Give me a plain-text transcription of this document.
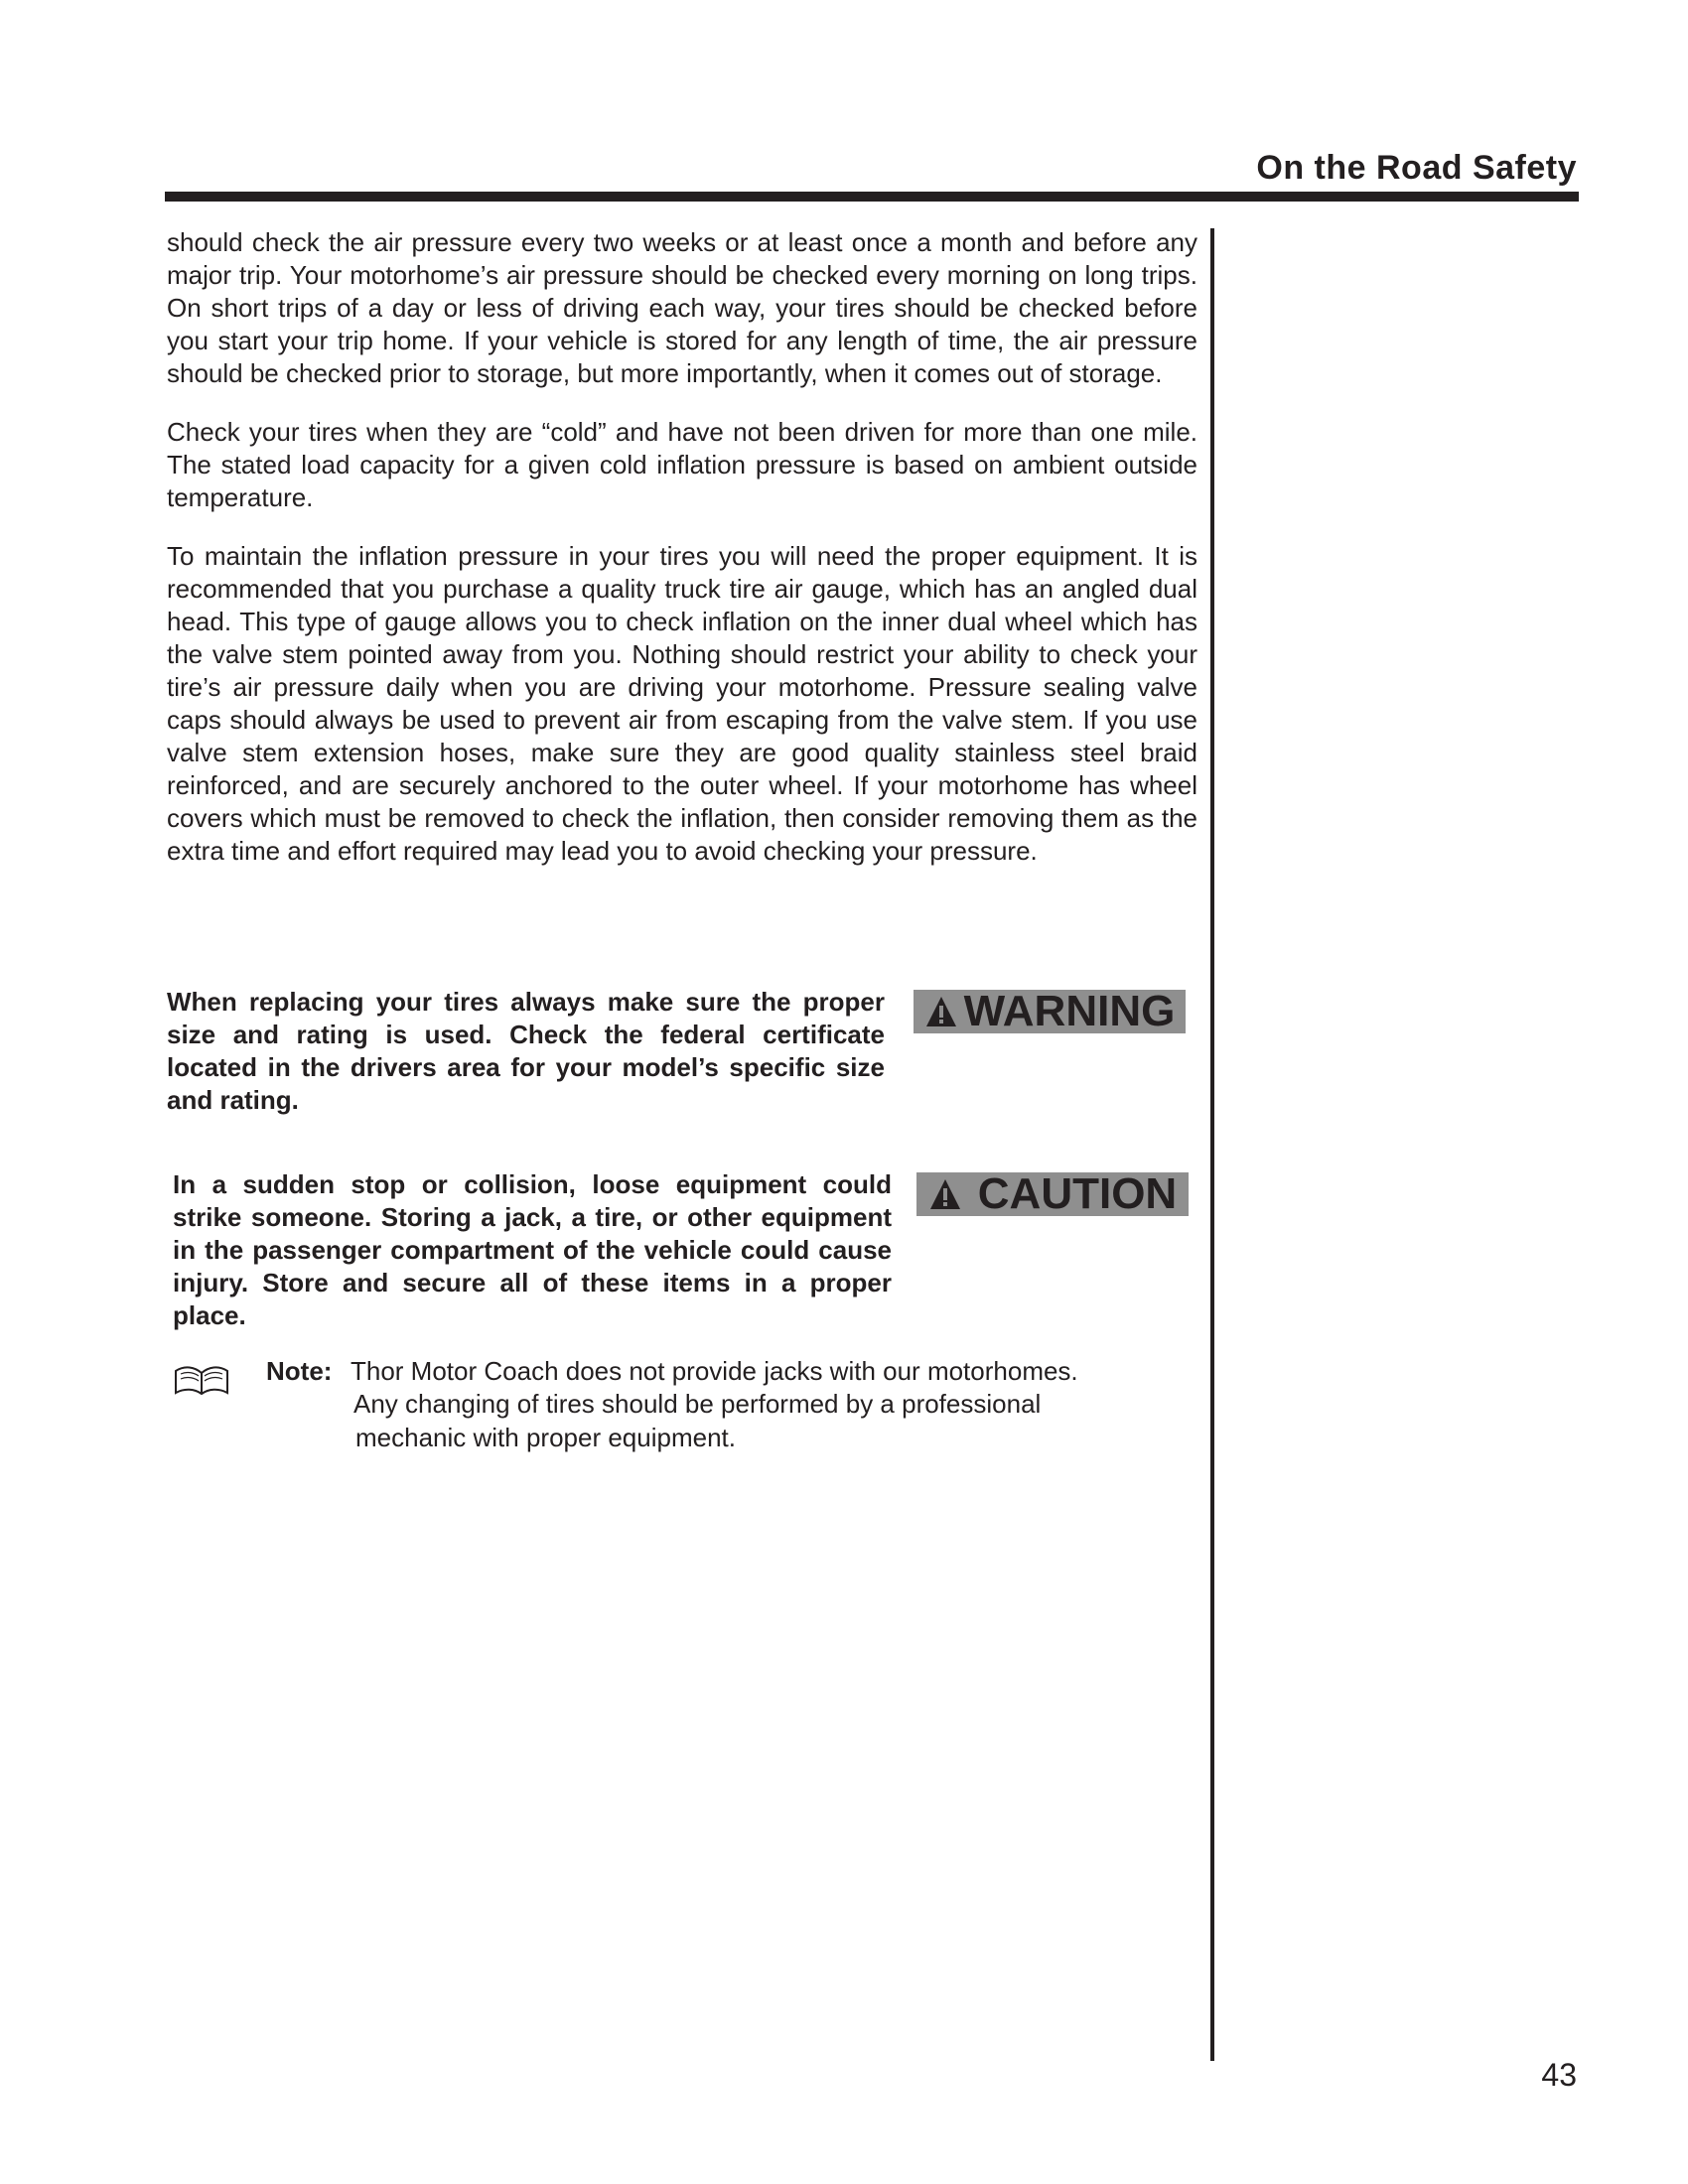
On the Road Safety

should check the air pressure every two weeks or at least once a month and before any major trip. Your motorhome’s air pressure should be checked every morning on long trips. On short trips of a day or less of driving each way, your tires should be checked before you start your trip home. If your vehicle is stored for any length of time, the air pressure should be checked prior to storage, but more importantly, when it comes out of storage.

Check your tires when they are “cold” and have not been driven for more than one mile. The stated load capacity for a given cold inflation pressure is based on ambient outside temperature.

To maintain the inflation pressure in your tires you will need the proper equipment. It is recommended that you purchase a quality truck tire air gauge, which has an angled dual head. This type of gauge allows you to check inflation on the inner dual wheel which has the valve stem pointed away from you. Nothing should restrict your ability to check your tire’s air pressure daily when you are driving your motorhome. Pressure sealing valve caps should always be used to prevent air from escaping from the valve stem. If you use valve stem extension hoses, make sure they are good quality stainless steel braid reinforced, and are securely anchored to the outer wheel. If your motorhome has wheel covers which must be removed to check the inflation, then consider removing them as the extra time and effort required may lead you to avoid checking your pressure.

When replacing your tires always make sure the proper size and rating is used. Check the federal certificate located in the drivers area for your model’s specific size and rating.
WARNING
In a sudden stop or collision, loose equipment could strike someone. Storing a jack, a tire, or other equipment in the passenger compartment of the vehicle could cause injury. Store and secure all of these items in a proper place.
CAUTION
Note: Thor Motor Coach does not provide jacks with our motorhomes.
Any changing of tires should be performed by a professional
mechanic with proper equipment.
43
